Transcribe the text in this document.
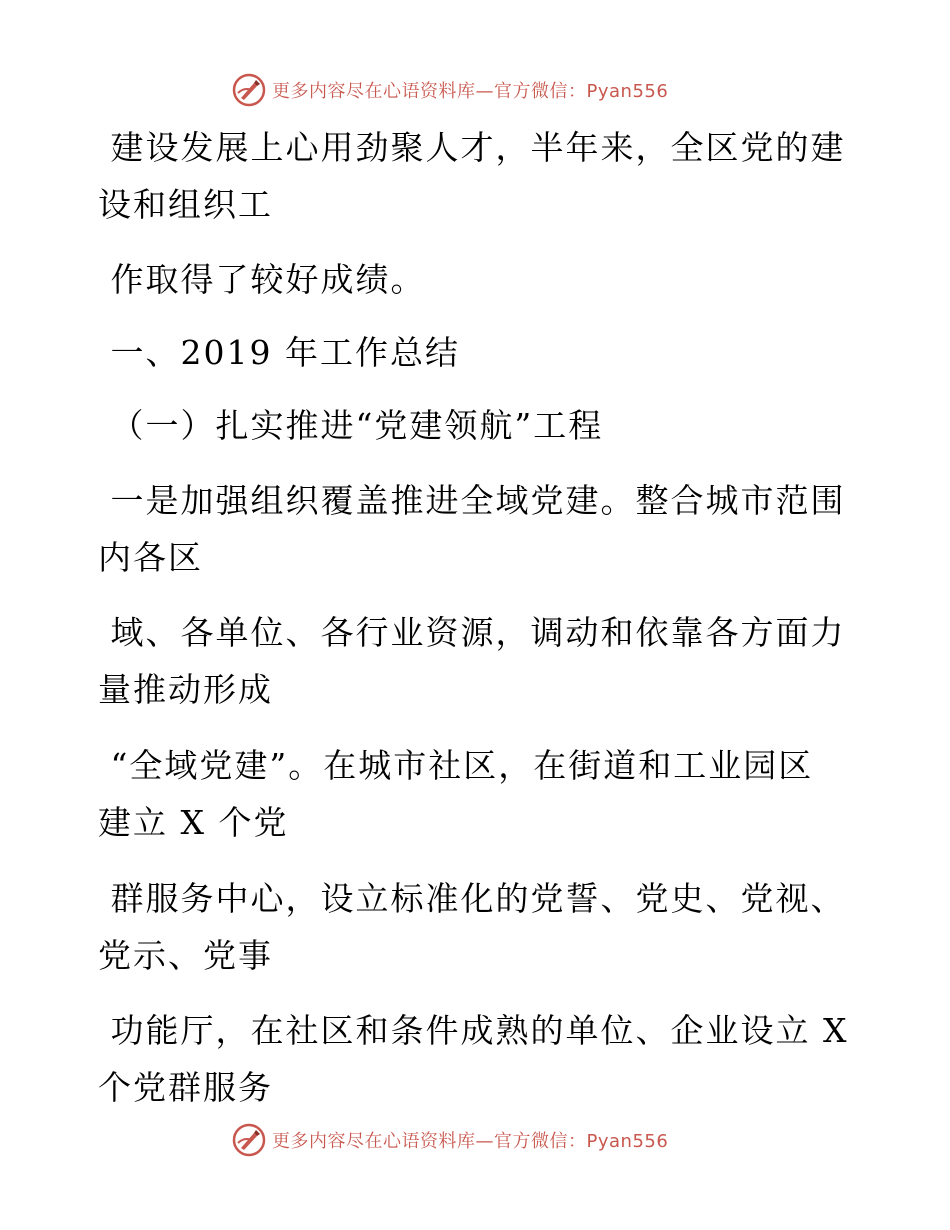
更多内容尽在心语资料库—官方微信：Pyan556
建设发展上心用劲聚人才，半年来，全区党的建
设和组织工
作取得了较好成绩。
一、2019 年工作总结
（一）扎实推进“党建领航”工程
一是加强组织覆盖推进全域党建。整合城市范围
内各区
域、各单位、各行业资源，调动和依靠各方面力
量推动形成
“全域党建”。在城市社区，在街道和工业园区
建立 X 个党
群服务中心，设立标准化的党誓、党史、党视、
党示、党事
功能厅，在社区和条件成熟的单位、企业设立 X
个党群服务
更多内容尽在心语资料库—官方微信：Pyan556
